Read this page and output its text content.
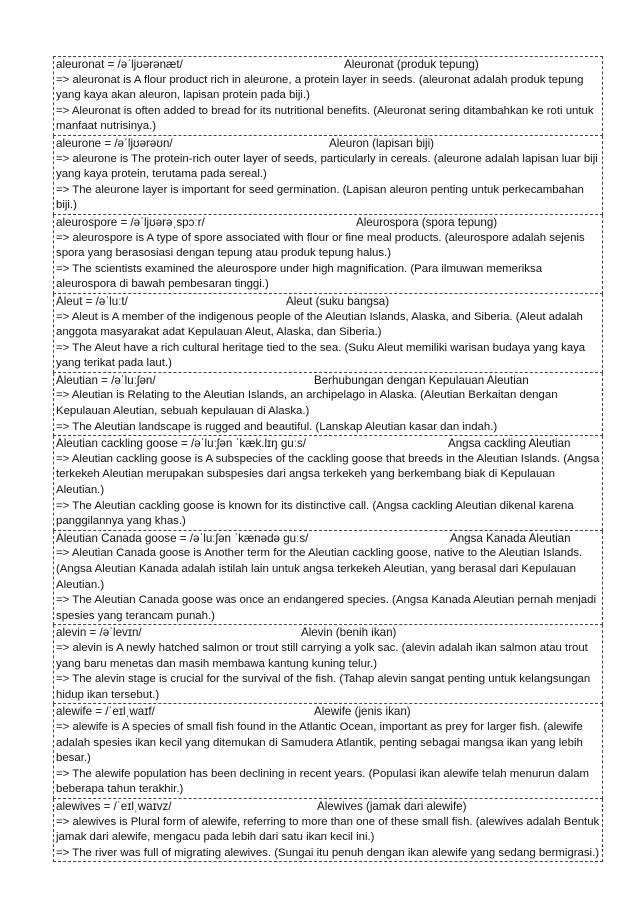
aleuronat = /əˈljʊərənæt/	Aleuronat (produk tepung)
=> aleuronat is A flour product rich in aleurone, a protein layer in seeds. (aleuronat adalah produk tepung yang kaya akan aleuron, lapisan protein pada biji.)
=> Aleuronat is often added to bread for its nutritional benefits. (Aleuronat sering ditambahkan ke roti untuk manfaat nutrisinya.)
aleurone = /əˈljʊərəʊn/	Aleuron (lapisan biji)
=> aleurone is The protein-rich outer layer of seeds, particularly in cereals. (aleurone adalah lapisan luar biji yang kaya protein, terutama pada sereal.)
=> The aleurone layer is important for seed germination. (Lapisan aleuron penting untuk perkecambahan biji.)
aleurospore = /əˈljʊərəˌspɔːr/	Aleurospora (spora tepung)
=> aleurospore is A type of spore associated with flour or fine meal products. (aleurospore adalah sejenis spora yang berasosiasi dengan tepung atau produk tepung halus.)
=> The scientists examined the aleurospore under high magnification. (Para ilmuwan memeriksa aleurospora di bawah pembesaran tinggi.)
Aleut = /əˈluːt/	Aleut (suku bangsa)
=> Aleut is A member of the indigenous people of the Aleutian Islands, Alaska, and Siberia. (Aleut adalah anggota masyarakat adat Kepulauan Aleut, Alaska, dan Siberia.)
=> The Aleut have a rich cultural heritage tied to the sea. (Suku Aleut memiliki warisan budaya yang kaya yang terikat pada laut.)
Aleutian = /əˈluːʃən/	Berhubungan dengan Kepulauan Aleutian
=> Aleutian is Relating to the Aleutian Islands, an archipelago in Alaska. (Aleutian Berkaitan dengan Kepulauan Aleutian, sebuah kepulauan di Alaska.)
=> The Aleutian landscape is rugged and beautiful. (Lanskap Aleutian kasar dan indah.)
Aleutian cackling goose = /əˈluːʃən ˈkæk.lɪŋ ɡuːs/	Angsa cackling Aleutian
=> Aleutian cackling goose is A subspecies of the cackling goose that breeds in the Aleutian Islands. (Angsa terkekeh Aleutian merupakan subspesies dari angsa terkekeh yang berkembang biak di Kepulauan Aleutian.)
=> The Aleutian cackling goose is known for its distinctive call. (Angsa cackling Aleutian dikenal karena panggilannya yang khas.)
Aleutian Canada goose = /əˈluːʃən ˈkænədə ɡuːs/	Angsa Kanada Aleutian
=> Aleutian Canada goose is Another term for the Aleutian cackling goose, native to the Aleutian Islands. (Angsa Aleutian Kanada adalah istilah lain untuk angsa terkekeh Aleutian, yang berasal dari Kepulauan Aleutian.)
=> The Aleutian Canada goose was once an endangered species. (Angsa Kanada Aleutian pernah menjadi spesies yang terancam punah.)
alevin = /əˈlevɪn/	Alevin (benih ikan)
=> alevin is A newly hatched salmon or trout still carrying a yolk sac. (alevin adalah ikan salmon atau trout yang baru menetas dan masih membawa kantung kuning telur.)
=> The alevin stage is crucial for the survival of the fish. (Tahap alevin sangat penting untuk kelangsungan hidup ikan tersebut.)
alewife = /ˈeɪlˌwaɪf/	Alewife (jenis ikan)
=> alewife is A species of small fish found in the Atlantic Ocean, important as prey for larger fish. (alewife adalah spesies ikan kecil yang ditemukan di Samudera Atlantik, penting sebagai mangsa ikan yang lebih besar.)
=> The alewife population has been declining in recent years. (Populasi ikan alewife telah menurun dalam beberapa tahun terakhir.)
alewives = /ˈeɪlˌwaɪvz/	Alewives (jamak dari alewife)
=> alewives is Plural form of alewife, referring to more than one of these small fish. (alewives adalah Bentuk jamak dari alewife, mengacu pada lebih dari satu ikan kecil ini.)
=> The river was full of migrating alewives. (Sungai itu penuh dengan ikan alewife yang sedang bermigrasi.)
